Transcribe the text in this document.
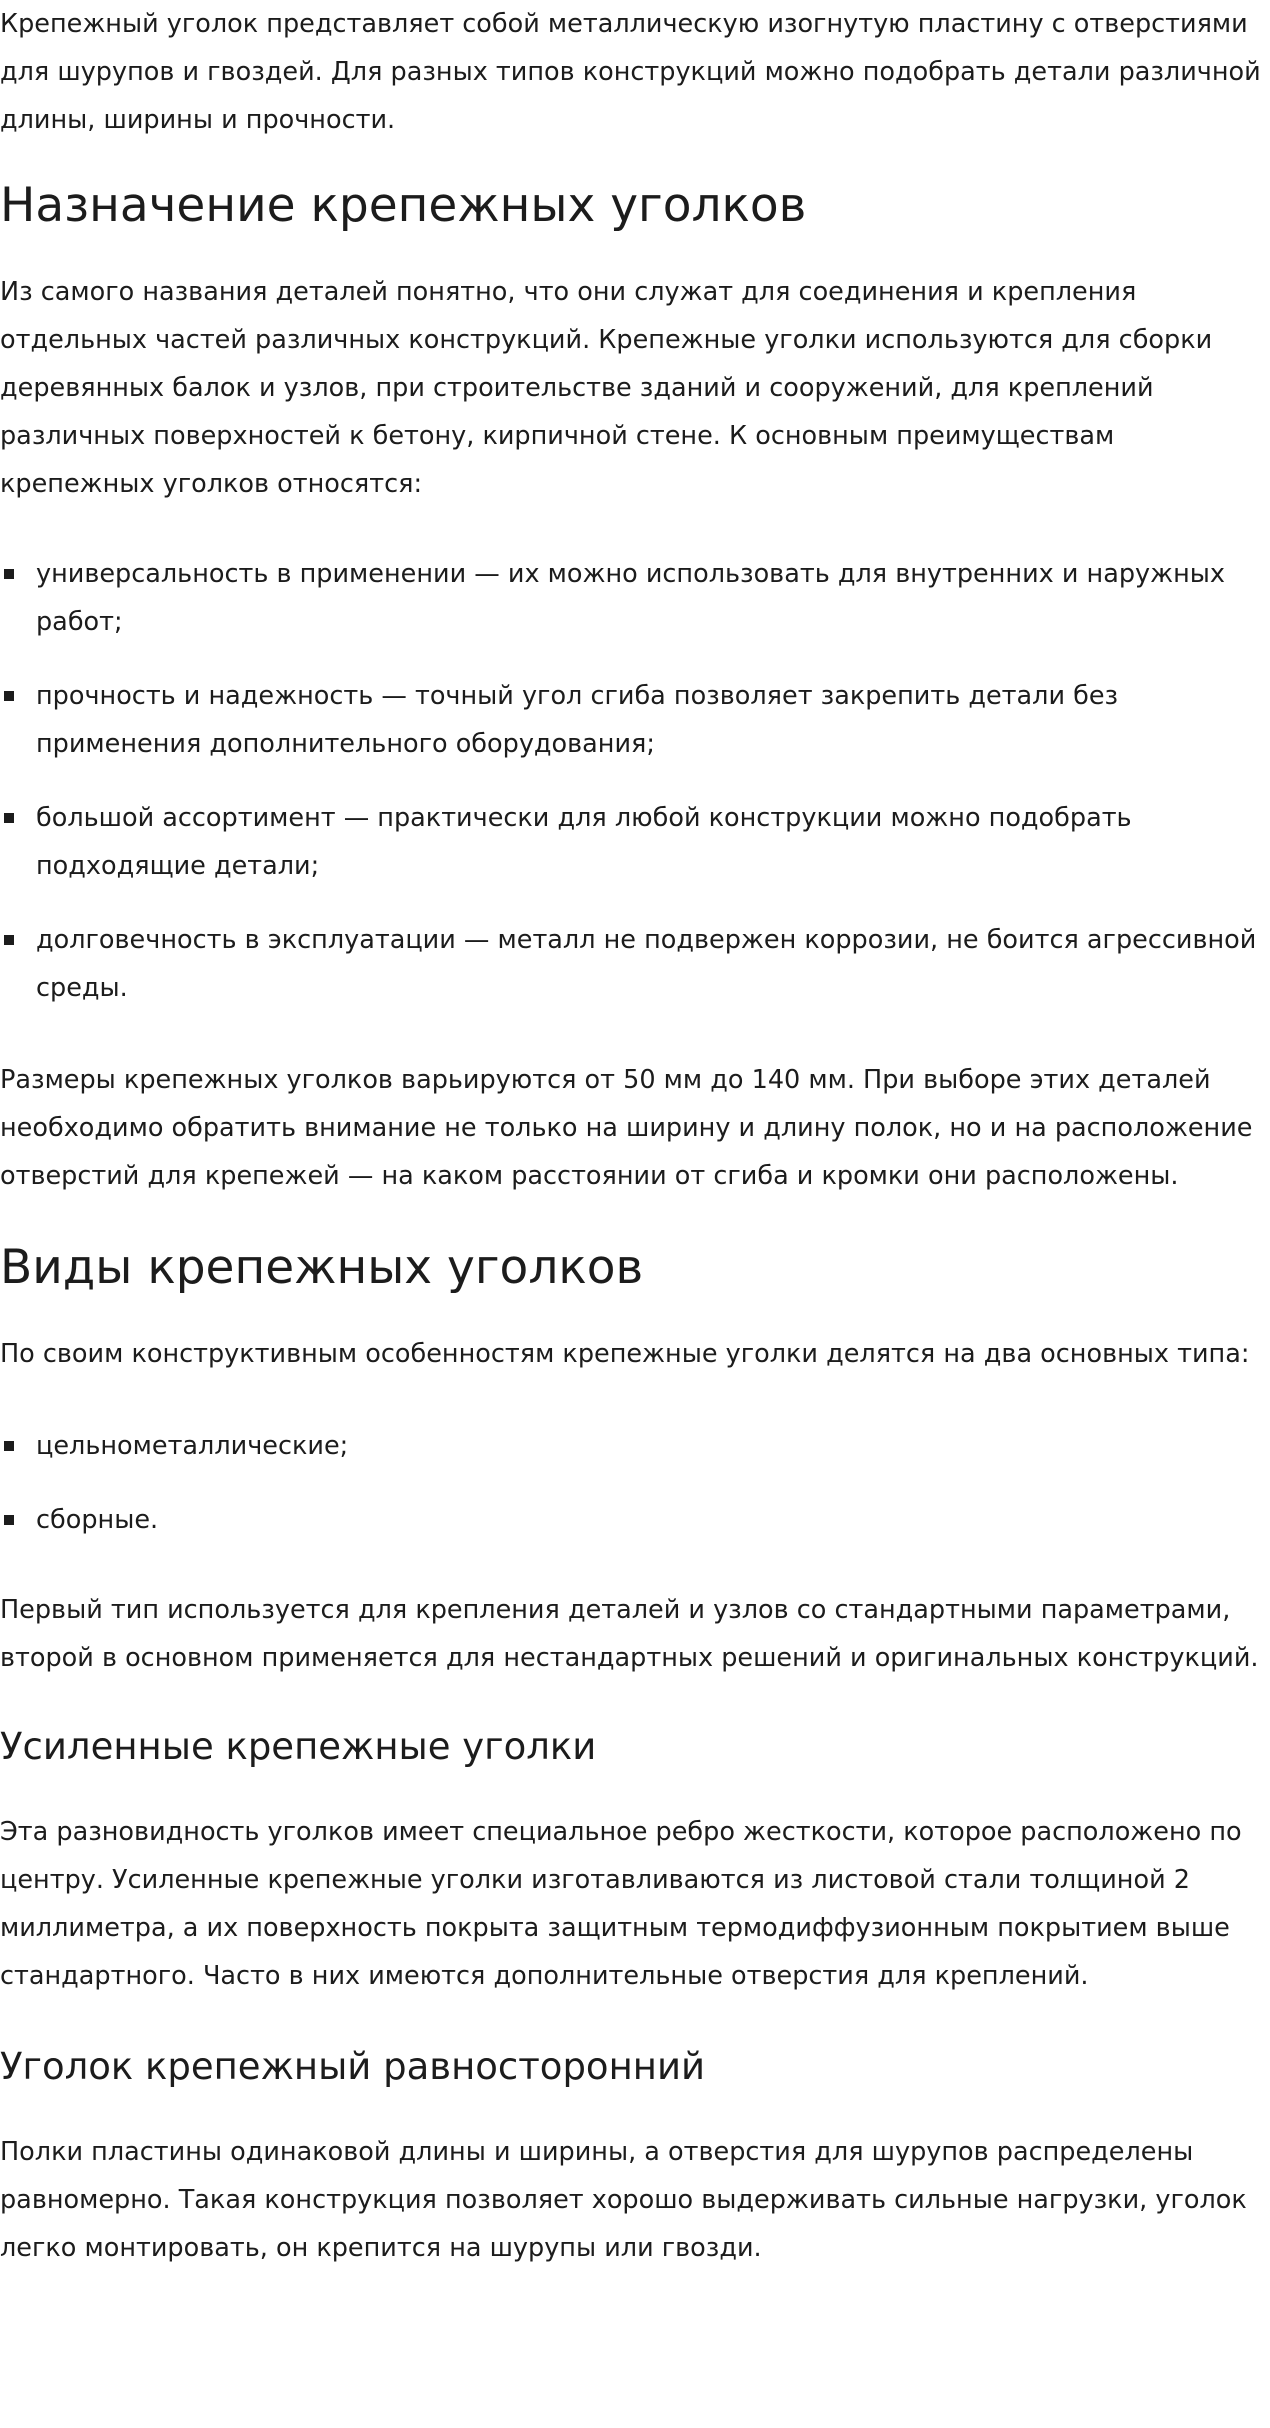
Крепежный уголок представляет собой металлическую изогнутую пластину с отверстиями для шурупов и гвоздей. Для разных типов конструкций можно подобрать детали различной длины, ширины и прочности.

Назначение крепежных уголков

Из самого названия деталей понятно, что они служат для соединения и крепления отдельных частей различных конструкций. Крепежные уголки используются для сборки деревянных балок и узлов, при строительстве зданий и сооружений, для креплений различных поверхностей к бетону, кирпичной стене. К основным преимуществам крепежных уголков относятся:

универсальность в применении — их можно использовать для внутренних и наружных работ;
прочность и надежность — точный угол сгиба позволяет закрепить детали без применения дополнительного оборудования;
большой ассортимент — практически для любой конструкции можно подобрать подходящие детали;
долговечность в эксплуатации — металл не подвержен коррозии, не боится агрессивной среды.

Размеры крепежных уголков варьируются от 50 мм до 140 мм. При выборе этих деталей необходимо обратить внимание не только на ширину и длину полок, но и на расположение отверстий для крепежей — на каком расстоянии от сгиба и кромки они расположены.

Виды крепежных уголков

По своим конструктивным особенностям крепежные уголки делятся на два основных типа:

цельнометаллические;
сборные.

Первый тип используется для крепления деталей и узлов со стандартными параметрами, второй в основном применяется для нестандартных решений и оригинальных конструкций.

Усиленные крепежные уголки

Эта разновидность уголков имеет специальное ребро жесткости, которое расположено по центру. Усиленные крепежные уголки изготавливаются из листовой стали толщиной 2 миллиметра, а их поверхность покрыта защитным термодиффузионным покрытием выше стандартного. Часто в них имеются дополнительные отверстия для креплений.

Уголок крепежный равносторонний

Полки пластины одинаковой длины и ширины, а отверстия для шурупов распределены равномерно. Такая конструкция позволяет хорошо выдерживать сильные нагрузки, уголок легко монтировать, он крепится на шурупы или гвозди.
